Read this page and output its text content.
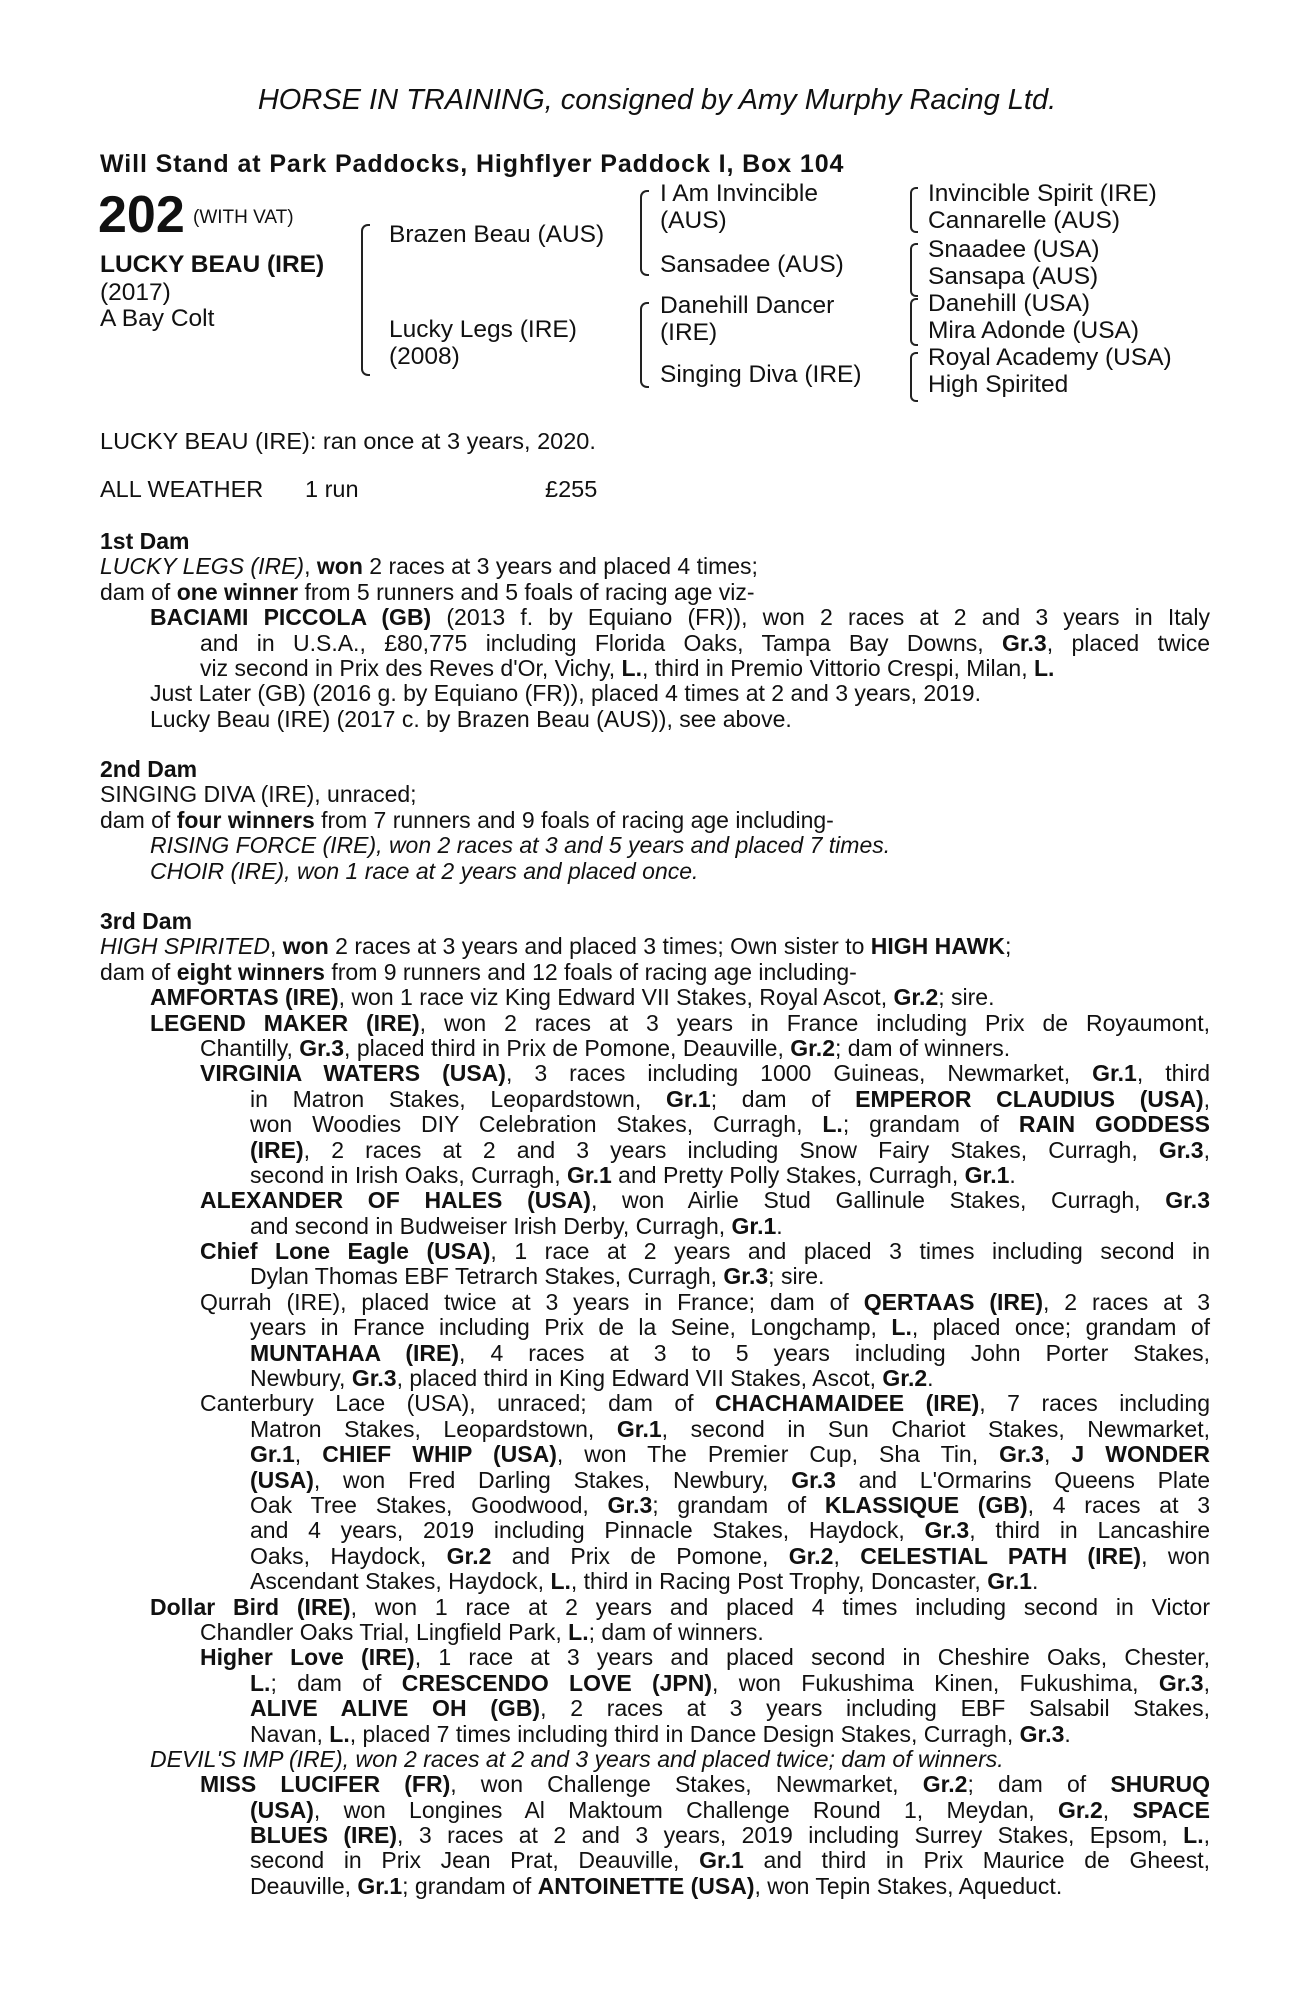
HORSE IN TRAINING, consigned by Amy Murphy Racing Ltd.
Will Stand at Park Paddocks, Highflyer Paddock I, Box 104
202 (WITH VAT)
LUCKY BEAU (IRE)
(2017)
A Bay Colt
Brazen Beau (AUS)
Lucky Legs (IRE)
(2008)
I Am Invincible
(AUS)
Sansadee (AUS)
Danehill Dancer
(IRE)
Singing Diva (IRE)
Invincible Spirit (IRE)
Cannarelle (AUS)
Snaadee (USA)
Sansapa (AUS)
Danehill (USA)
Mira Adonde (USA)
Royal Academy (USA)
High Spirited
LUCKY BEAU (IRE): ran once at 3 years, 2020.
ALL WEATHER 1 run	£255
1st Dam
LUCKY LEGS (IRE), won 2 races at 3 years and placed 4 times;
dam of one winner from 5 runners and 5 foals of racing age viz-
BACIAMI PICCOLA (GB) (2013 f. by Equiano (FR)), won 2 races at 2 and 3 years in Italy
and in U.S.A., £80,775 including Florida Oaks, Tampa Bay Downs, Gr.3, placed twice
viz second in Prix des Reves d'Or, Vichy, L., third in Premio Vittorio Crespi, Milan, L.
Just Later (GB) (2016 g. by Equiano (FR)), placed 4 times at 2 and 3 years, 2019.
Lucky Beau (IRE) (2017 c. by Brazen Beau (AUS)), see above.
2nd Dam
SINGING DIVA (IRE), unraced;
dam of four winners from 7 runners and 9 foals of racing age including-
RISING FORCE (IRE), won 2 races at 3 and 5 years and placed 7 times.
CHOIR (IRE), won 1 race at 2 years and placed once.
3rd Dam
HIGH SPIRITED, won 2 races at 3 years and placed 3 times; Own sister to HIGH HAWK;
dam of eight winners from 9 runners and 12 foals of racing age including-
AMFORTAS (IRE), won 1 race viz King Edward VII Stakes, Royal Ascot, Gr.2; sire.
LEGEND MAKER (IRE), won 2 races at 3 years in France including Prix de Royaumont,
Chantilly, Gr.3, placed third in Prix de Pomone, Deauville, Gr.2; dam of winners.
VIRGINIA WATERS (USA), 3 races including 1000 Guineas, Newmarket, Gr.1, third
in Matron Stakes, Leopardstown, Gr.1; dam of EMPEROR CLAUDIUS (USA),
won Woodies DIY Celebration Stakes, Curragh, L.; grandam of RAIN GODDESS
(IRE), 2 races at 2 and 3 years including Snow Fairy Stakes, Curragh, Gr.3,
second in Irish Oaks, Curragh, Gr.1 and Pretty Polly Stakes, Curragh, Gr.1.
ALEXANDER OF HALES (USA), won Airlie Stud Gallinule Stakes, Curragh, Gr.3
and second in Budweiser Irish Derby, Curragh, Gr.1.
Chief Lone Eagle (USA), 1 race at 2 years and placed 3 times including second in
Dylan Thomas EBF Tetrarch Stakes, Curragh, Gr.3; sire.
Qurrah (IRE), placed twice at 3 years in France; dam of QERTAAS (IRE), 2 races at 3
years in France including Prix de la Seine, Longchamp, L., placed once; grandam of
MUNTAHAA (IRE), 4 races at 3 to 5 years including John Porter Stakes,
Newbury, Gr.3, placed third in King Edward VII Stakes, Ascot, Gr.2.
Canterbury Lace (USA), unraced; dam of CHACHAMAIDEE (IRE), 7 races including
Matron Stakes, Leopardstown, Gr.1, second in Sun Chariot Stakes, Newmarket,
Gr.1, CHIEF WHIP (USA), won The Premier Cup, Sha Tin, Gr.3, J WONDER
(USA), won Fred Darling Stakes, Newbury, Gr.3 and L'Ormarins Queens Plate
Oak Tree Stakes, Goodwood, Gr.3; grandam of KLASSIQUE (GB), 4 races at 3
and 4 years, 2019 including Pinnacle Stakes, Haydock, Gr.3, third in Lancashire
Oaks, Haydock, Gr.2 and Prix de Pomone, Gr.2, CELESTIAL PATH (IRE), won
Ascendant Stakes, Haydock, L., third in Racing Post Trophy, Doncaster, Gr.1.
Dollar Bird (IRE), won 1 race at 2 years and placed 4 times including second in Victor
Chandler Oaks Trial, Lingfield Park, L.; dam of winners.
Higher Love (IRE), 1 race at 3 years and placed second in Cheshire Oaks, Chester,
L.; dam of CRESCENDO LOVE (JPN), won Fukushima Kinen, Fukushima, Gr.3,
ALIVE ALIVE OH (GB), 2 races at 3 years including EBF Salsabil Stakes,
Navan, L., placed 7 times including third in Dance Design Stakes, Curragh, Gr.3.
DEVIL'S IMP (IRE), won 2 races at 2 and 3 years and placed twice; dam of winners.
MISS LUCIFER (FR), won Challenge Stakes, Newmarket, Gr.2; dam of SHURUQ
(USA), won Longines Al Maktoum Challenge Round 1, Meydan, Gr.2, SPACE
BLUES (IRE), 3 races at 2 and 3 years, 2019 including Surrey Stakes, Epsom, L.,
second in Prix Jean Prat, Deauville, Gr.1 and third in Prix Maurice de Gheest,
Deauville, Gr.1; grandam of ANTOINETTE (USA), won Tepin Stakes, Aqueduct.
